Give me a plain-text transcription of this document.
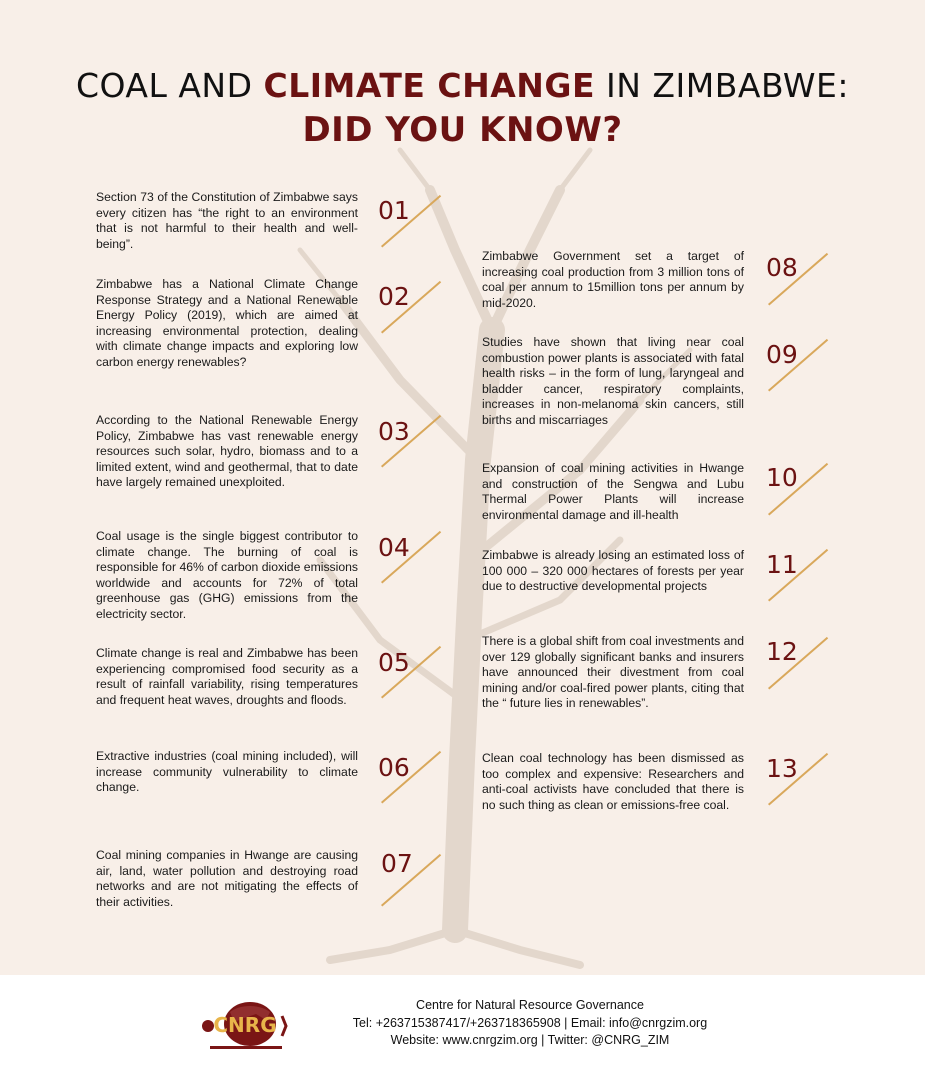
COAL AND CLIMATE CHANGE IN ZIMBABWE:
DID YOU KNOW?
Section 73 of the Constitution of Zimbabwe says every citizen has “the right to an environment that is not harmful to their health and well-being”.
01
Zimbabwe has a National Climate Change Response Strategy and a National Renewable Energy Policy (2019), which are aimed at increasing environmental protection, dealing with climate change impacts and exploring low carbon energy renewables?
02
According to the National Renewable Energy Policy, Zimbabwe has vast renewable energy resources such solar, hydro, biomass and to a limited extent, wind and geothermal, that to date have largely remained unexploited.
03
Coal usage is the single biggest contributor to climate change. The burning of coal is responsible for 46% of carbon dioxide emissions worldwide and accounts for 72% of total greenhouse gas (GHG) emissions from the electricity sector.
04
Climate change is real and Zimbabwe has been experiencing compromised food security as a result of rainfall variability, rising temperatures and frequent heat waves, droughts and floods.
05
Extractive industries (coal mining included), will increase community vulnerability to climate change.
06
Coal mining companies in Hwange are causing air, land, water pollution and destroying road networks and are not mitigating the effects of their activities.
07
Zimbabwe Government set a target of increasing coal production from 3 million tons of coal per annum to 15million tons per annum by mid-2020.
08
Studies have shown that living near coal combustion power plants is associated with fatal health risks – in the form of lung, laryngeal and bladder cancer, respiratory complaints, increases in non-melanoma skin cancers, still births and miscarriages
09
Expansion of coal mining activities in Hwange and construction of the Sengwa and Lubu Thermal Power Plants will increase environmental damage and ill-health
10
Zimbabwe is already losing an estimated loss of 100 000 – 320 000 hectares of forests per year due to destructive developmental projects
11
There is a global shift from coal investments and over 129 globally significant banks and insurers have announced their divestment from coal mining and/or coal-fired power plants, citing that the “ future lies in renewables”.
12
Clean coal technology has been dismissed as too complex and expensive: Researchers and anti-coal activists have concluded that there is no such thing as clean or emissions-free coal.
13
CNRG
Centre for Natural Resource Governance
Tel: +263715387417/+263718365908 | Email: info@cnrgzim.org
Website: www.cnrgzim.org | Twitter: @CNRG_ZIM
